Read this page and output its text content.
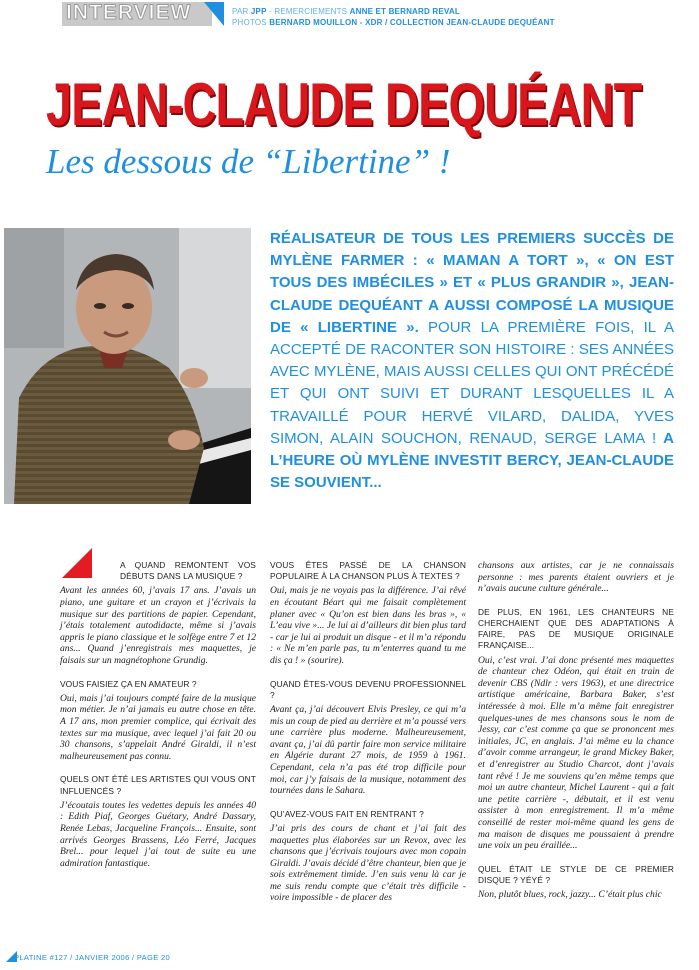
INTERVIEW	PAR JPP - REMERCIEMENTS ANNE ET BERNARD REVAL
PHOTOS BERNARD MOUILLON - XDR / COLLECTION JEAN-CLAUDE DEQUÉANT
JEAN-CLAUDE DEQUÉANT
Les dessous de “Libertine” !
RÉALISATEUR DE TOUS LES PREMIERS SUCCÈS DE MYLÈNE FARMER : « MAMAN A TORT », « ON EST TOUS DES IMBÉCILES » ET « PLUS GRANDIR », JEAN-CLAUDE DEQUÉANT A AUSSI COMPOSÉ LA MUSIQUE DE « LIBERTINE ». POUR LA PREMIÈRE FOIS, IL A ACCEPTÉ DE RACONTER SON HISTOIRE : SES ANNÉES AVEC MYLÈNE, MAIS AUSSI CELLES QUI ONT PRÉCÉDÉ ET QUI ONT SUIVI ET DURANT LESQUELLES IL A TRAVAILLÉ POUR HERVÉ VILARD, DALIDA, YVES SIMON, ALAIN SOUCHON, RENAUD, SERGE LAMA ! A L’HEURE OÙ MYLÈNE INVESTIT BERCY, JEAN-CLAUDE SE SOUVIENT...
A QUAND REMONTENT VOS DÉBUTS DANS LA MUSIQUE ?

Avant les années 60, j’avais 17 ans. J’avais un piano, une guitare et un crayon et j’écrivais la musique sur des partitions de papier. Cependant, j’étais totalement autodidacte, même si j’avais appris le piano classique et le solfège entre 7 et 12 ans... Quand j’enregistrais mes maquettes, je faisais sur un magnétophone Grundig.

VOUS FAISIEZ ÇA EN AMATEUR ?

Oui, mais j’ai toujours compté faire de la musique mon métier. Je n’ai jamais eu autre chose en tête. A 17 ans, mon premier complice, qui écrivait des textes sur ma musique, avec lequel j’ai fait 20 ou 30 chansons, s’appelait André Giraldi, il n’est malheureusement pas connu.

QUELS ONT ÉTÉ LES ARTISTES QUI VOUS ONT INFLUENCÉS ?

J’écoutais toutes les vedettes depuis les années 40 : Edith Piaf, Georges Guétary, André Dassary, Renée Lebas, Jacqueline François... Ensuite, sont arrivés Georges Brassens, Léo Ferré, Jacques Brel... pour lequel j’ai tout de suite eu une admiration fantastique.

VOUS ÊTES PASSÉ DE LA CHANSON POPULAIRE À LA CHANSON PLUS À TEXTES ?

Oui, mais je ne voyais pas la différence. J’ai rêvé en écoutant Béart qui me faisait complètement planer avec « Qu’on est bien dans les bras », « L’eau vive »... Je lui ai d’ailleurs dit bien plus tard - car je lui ai produit un disque - et il m’a répondu : « Ne m’en parle pas, tu m’enterres quand tu me dis ça ! » (sourire).

QUAND ÊTES-VOUS DEVENU PROFESSIONNEL ?

Avant ça, j’ai découvert Elvis Presley, ce qui m’a mis un coup de pied au derrière et m’a poussé vers une carrière plus moderne. Malheureusement, avant ça, j’ai dû partir faire mon service militaire en Algérie durant 27 mois, de 1959 à 1961. Cependant, cela n’a pas été trop difficile pour moi, car j’y faisais de la musique, notamment des tournées dans le Sahara.

QU’AVEZ-VOUS FAIT EN RENTRANT ?

J’ai pris des cours de chant et j’ai fait des maquettes plus élaborées sur un Revox, avec les chansons que j’écrivais toujours avec mon copain Giraldi. J’avais décidé d’être chanteur, bien que je sois extrêmement timide. J’en suis venu là car je me suis rendu compte que c’était très difficile - voire impossible - de placer des

chansons aux artistes, car je ne connaissais personne : mes parents étaient ouvriers et je n’avais aucune culture générale...

DE PLUS, EN 1961, LES CHANTEURS NE CHERCHAIENT QUE DES ADAPTATIONS À FAIRE, PAS DE MUSIQUE ORIGINALE FRANÇAISE...

Oui, c’est vrai. J’ai donc présenté mes maquettes de chanteur chez Odéon, qui était en train de devenir CBS (Ndlr : vers 1963), et une directrice artistique américaine, Barbara Baker, s’est intéressée à moi. Elle m’a même fait enregistrer quelques-unes de mes chansons sous le nom de Jessy, car c’est comme ça que se prononcent mes initiales, JC, en anglais. J’ai même eu la chance d’avoir comme arrangeur, le grand Mickey Baker, et d’enregistrer au Studio Charcot, dont j’avais tant rêvé ! Je me souviens qu’en même temps que moi un autre chanteur, Michel Laurent - qui a fait une petite carrière -, débutait, et il est venu assister à mon enregistrement. Il m’a même conseillé de rester moi-même quand les gens de ma maison de disques me poussaient à prendre une voix un peu éraillée...

QUEL ÉTAIT LE STYLE DE CE PREMIER DISQUE ? YÉYÉ ?

Non, plutôt blues, rock, jazzy... C’était plus chic

PLATINE #127 / JANVIER 2006 / PAGE 20
